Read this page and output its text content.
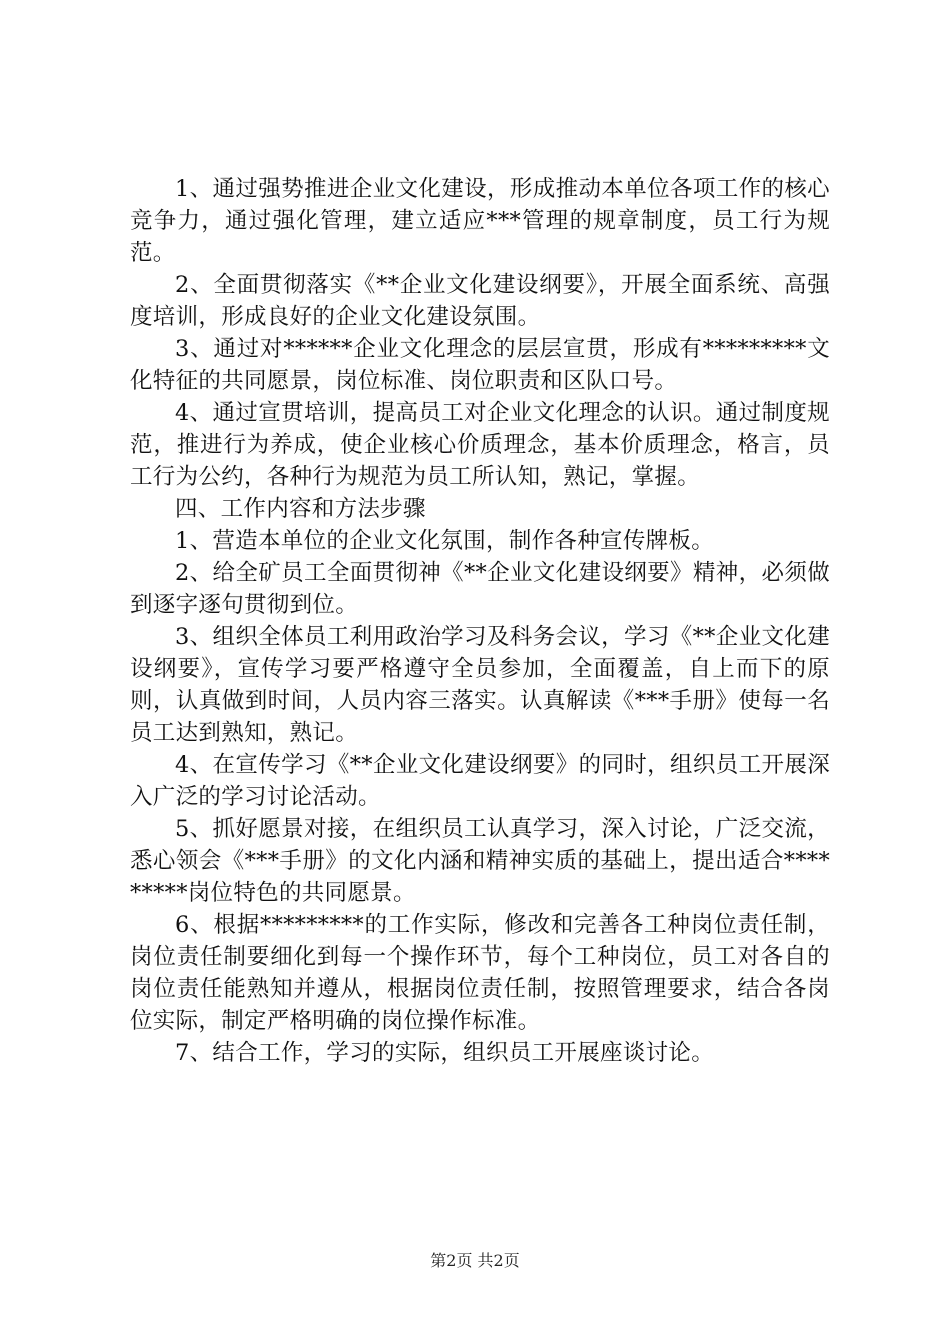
1、通过强势推进企业文化建设，形成推动本单位各项工作的核心竞争力，通过强化管理，建立适应***管理的规章制度，员工行为规范。

2、全面贯彻落实《**企业文化建设纲要》，开展全面系统、高强度培训，形成良好的企业文化建设氛围。

3、通过对******企业文化理念的层层宣贯，形成有*********文化特征的共同愿景，岗位标准、岗位职责和区队口号。

4、通过宣贯培训，提高员工对企业文化理念的认识。通过制度规范，推进行为养成，使企业核心价质理念，基本价质理念，格言，员工行为公约，各种行为规范为员工所认知，熟记，掌握。

四、工作内容和方法步骤

1、营造本单位的企业文化氛围，制作各种宣传牌板。

2、给全矿员工全面贯彻神《**企业文化建设纲要》精神，必须做到逐字逐句贯彻到位。

3、组织全体员工利用政治学习及科务会议，学习《**企业文化建设纲要》，宣传学习要严格遵守全员参加，全面覆盖，自上而下的原则，认真做到时间，人员内容三落实。认真解读《***手册》使每一名员工达到熟知，熟记。

4、在宣传学习《**企业文化建设纲要》的同时，组织员工开展深入广泛的学习讨论活动。

5、抓好愿景对接，在组织员工认真学习，深入讨论，广泛交流，悉心领会《***手册》的文化内涵和精神实质的基础上，提出适合*********岗位特色的共同愿景。

6、根据*********的工作实际，修改和完善各工种岗位责任制，岗位责任制要细化到每一个操作环节，每个工种岗位，员工对各自的岗位责任能熟知并遵从，根据岗位责任制，按照管理要求，结合各岗位实际，制定严格明确的岗位操作标准。

7、结合工作，学习的实际，组织员工开展座谈讨论。

第2页 共2页
